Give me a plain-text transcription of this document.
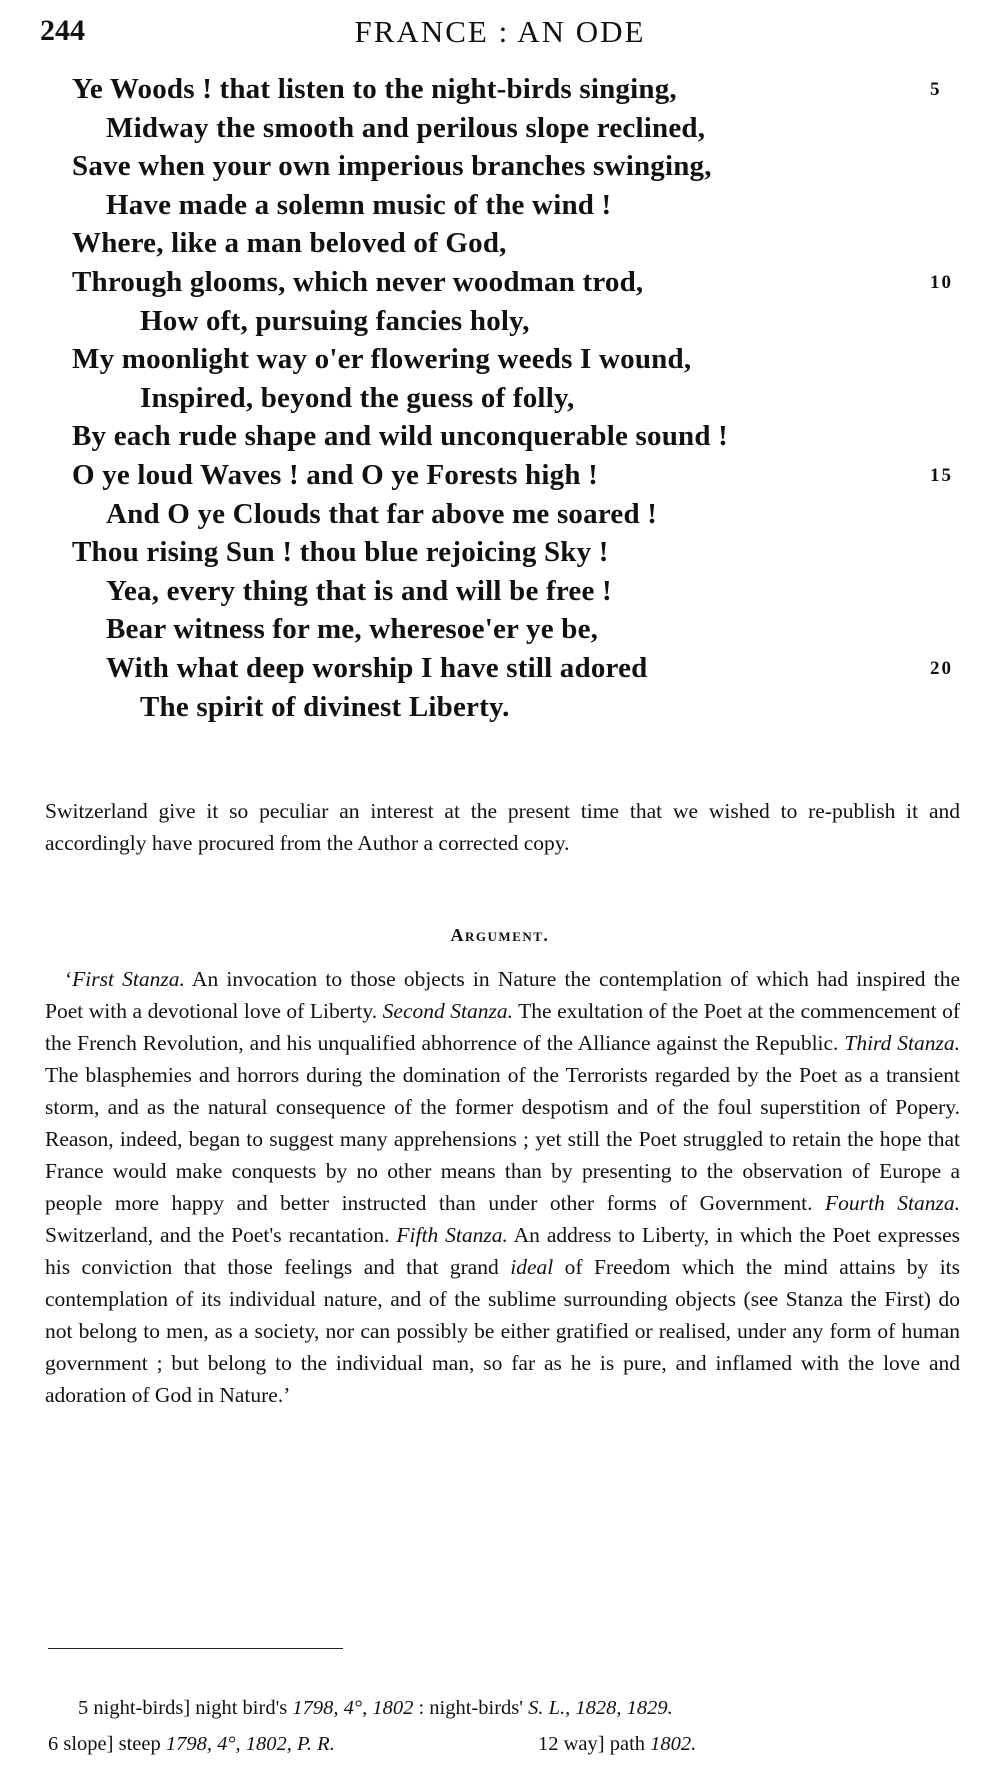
244	FRANCE : AN ODE
Ye Woods ! that listen to the night-birds singing,	5
Midway the smooth and perilous slope reclined,
Save when your own imperious branches swinging,
Have made a solemn music of the wind !
Where, like a man beloved of God,
Through glooms, which never woodman trod,	10
How oft, pursuing fancies holy,
My moonlight way o'er flowering weeds I wound,
Inspired, beyond the guess of folly,
By each rude shape and wild unconquerable sound !
O ye loud Waves ! and O ye Forests high !	15
And O ye Clouds that far above me soared !
Thou rising Sun ! thou blue rejoicing Sky !
Yea, every thing that is and will be free !
Bear witness for me, wheresoe'er ye be,
With what deep worship I have still adored	20
The spirit of divinest Liberty.

Switzerland give it so peculiar an interest at the present time that we wished to re-publish it and accordingly have procured from the Author a corrected copy.

Argument.

‘First Stanza. An invocation to those objects in Nature the contemplation of which had inspired the Poet with a devotional love of Liberty. Second Stanza. The exultation of the Poet at the commencement of the French Revolution, and his unqualified abhorrence of the Alliance against the Republic. Third Stanza. The blasphemies and horrors during the domination of the Terrorists regarded by the Poet as a transient storm, and as the natural consequence of the former despotism and of the foul superstition of Popery. Reason, indeed, began to suggest many apprehensions ; yet still the Poet struggled to retain the hope that France would make conquests by no other means than by presenting to the observation of Europe a people more happy and better instructed than under other forms of Government. Fourth Stanza. Switzerland, and the Poet's recantation. Fifth Stanza. An address to Liberty, in which the Poet expresses his conviction that those feelings and that grand ideal of Freedom which the mind attains by its contemplation of its individual nature, and of the sublime surrounding objects (see Stanza the First) do not belong to men, as a society, nor can possibly be either gratified or realised, under any form of human government ; but belong to the individual man, so far as he is pure, and inflamed with the love and adoration of God in Nature.’

5 night-birds] night bird's 1798, 4°, 1802 : night-birds' S. L., 1828, 1829.
6 slope] steep 1798, 4°, 1802, P. R.	12 way] path 1802.
